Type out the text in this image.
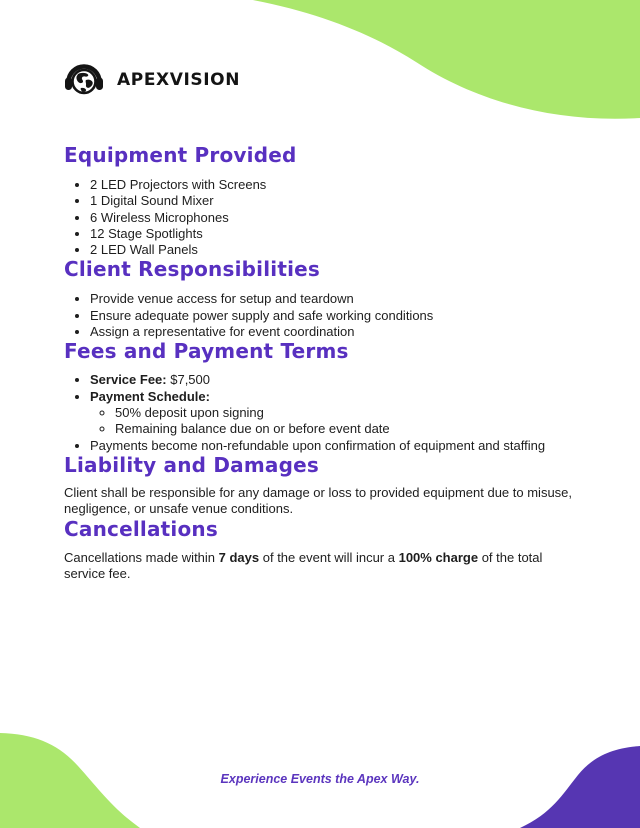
APEXVISION
Equipment Provided
• 2 LED Projectors with Screens
• 1 Digital Sound Mixer
• 6 Wireless Microphones
• 12 Stage Spotlights
• 2 LED Wall Panels
Client Responsibilities
• Provide venue access for setup and teardown
• Ensure adequate power supply and safe working conditions
• Assign a representative for event coordination
Fees and Payment Terms
• Service Fee: $7,500
• Payment Schedule:
◦ 50% deposit upon signing
◦ Remaining balance due on or before event date
• Payments become non-refundable upon confirmation of equipment and staffing
Liability and Damages

Client shall be responsible for any damage or loss to provided equipment due to misuse, negligence, or unsafe venue conditions.

Cancellations

Cancellations made within 7 days of the event will incur a 100% charge of the total service fee.

Experience Events the Apex Way.
